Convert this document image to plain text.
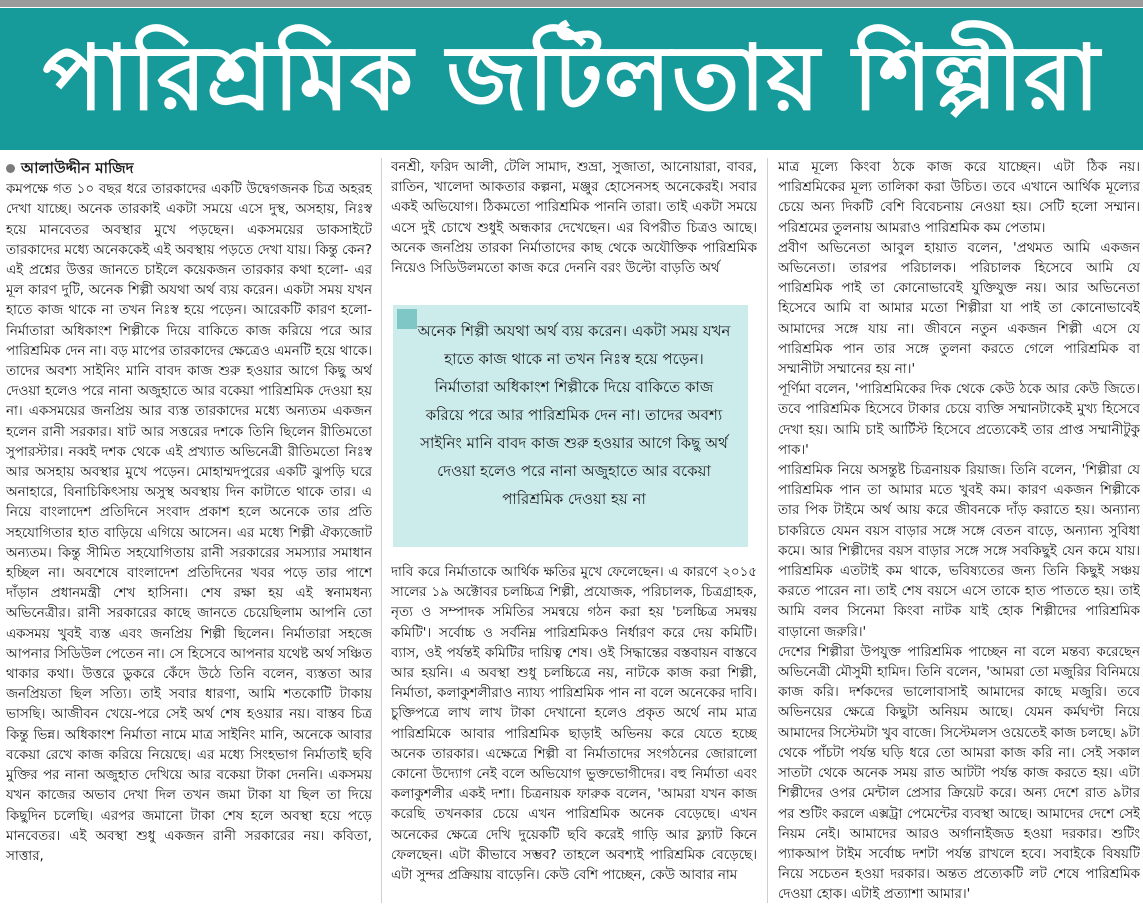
পারিশ্রমিক জটিলতায় শিল্পীরা
আলাউদ্দীন মাজিদ

কমপক্ষে গত ১০ বছর ধরে তারকাদের একটি উদ্বেগজনক চিত্র অহরহ দেখা যাচ্ছে। অনেক তারকাই একটা সময়ে এসে দুস্থ, অসহায়, নিঃস্ব হয়ে মানবেতর অবস্থার মুখে পড়ছেন। একসময়ের ডাকসাইটে তারকাদের মধ্যে অনেককেই এই অবস্থায় পড়তে দেখা যায়। কিন্তু কেন? এই প্রশ্নের উত্তর জানতে চাইলে কয়েকজন তারকার কথা হলো- এর মূল কারণ দুটি, অনেক শিল্পী অযথা অর্থ ব্যয় করেন। একটা সময় যখন হাতে কাজ থাকে না তখন নিঃস্ব হয়ে পড়েন। আরেকটি কারণ হলো- নির্মাতারা অধিকাংশ শিল্পীকে দিয়ে বাকিতে কাজ করিয়ে পরে আর পারিশ্রমিক দেন না। বড় মাপের তারকাদের ক্ষেত্রেও এমনটি হয়ে থাকে। তাদের অবশ্য সাইনিং মানি বাবদ কাজ শুরু হওয়ার আগে কিছু অর্থ দেওয়া হলেও পরে নানা অজুহাতে আর বকেয়া পারিশ্রমিক দেওয়া হয় না। একসময়ের জনপ্রিয় আর ব্যস্ত তারকাদের মধ্যে অন্যতম একজন হলেন রানী সরকার। ষাট আর সত্তরের দশকে তিনি ছিলেন রীতিমতো সুপারস্টার। নব্বই দশক থেকে এই প্রখ্যাত অভিনেত্রী রীতিমতো নিঃস্ব আর অসহায় অবস্থার মুখে পড়েন। মোহাম্মদপুরের একটি ঝুপড়ি ঘরে অনাহারে, বিনাচিকিৎসায় অসুস্থ অবস্থায় দিন কাটাতে থাকে তার। এ নিয়ে বাংলাদেশ প্রতিদিনে সংবাদ প্রকাশ হলে অনেকে তার প্রতি সহযোগিতার হাত বাড়িয়ে এগিয়ে আসেন। এর মধ্যে শিল্পী ঐক্যজোট অন্যতম। কিন্তু সীমিত সহযোগিতায় রানী সরকারের সমস্যার সমাধান হচ্ছিল না। অবশেষে বাংলাদেশ প্রতিদিনের খবর পড়ে তার পাশে দাঁড়ান প্রধানমন্ত্রী শেখ হাসিনা। শেষ রক্ষা হয় এই স্বনামধন্য অভিনেত্রীর। রানী সরকারের কাছে জানতে চেয়েছিলাম আপনি তো একসময় খুবই ব্যস্ত এবং জনপ্রিয় শিল্পী ছিলেন। নির্মাতারা সহজে আপনার সিডিউল পেতেন না। সে হিসেবে আপনার যথেষ্ট অর্থ সঞ্চিত থাকার কথা। উত্তরে ডুকরে কেঁদে উঠে তিনি বলেন, ব্যস্ততা আর জনপ্রিয়তা ছিল সত্যি। তাই সবার ধারণা, আমি শতকোটি টাকায় ভাসছি। আজীবন খেয়ে-পরে সেই অর্থ শেষ হওয়ার নয়। বাস্তব চিত্র কিন্তু ভিন্ন। অধিকাংশ নির্মাতা নামে মাত্র সাইনিং মানি, অনেকে আবার বকেয়া রেখে কাজ করিয়ে নিয়েছে। এর মধ্যে সিংহভাগ নির্মাতাই ছবি মুক্তির পর নানা অজুহাত দেখিয়ে আর বকেয়া টাকা দেননি। একসময় যখন কাজের অভাব দেখা দিল তখন জমা টাকা যা ছিল তা দিয়ে কিছুদিন চলেছি। এরপর জমানো টাকা শেষ হলে অবস্থা হয়ে পড়ে মানবেতর। এই অবস্থা শুধু একজন রানী সরকারের নয়। কবিতা, সাত্তার,

বনশ্রী, ফরিদ আলী, টেলি সামাদ, শুভ্রা, সুজাতা, আনোয়ারা, বাবর, রাতিন, খালেদা আকতার কল্পনা, মঞ্জুর হোসেনসহ অনেকেরই। সবার একই অভিযোগ। ঠিকমতো পারিশ্রমিক পাননি তারা। তাই একটা সময়ে এসে দুই চোখে শুধুই অন্ধকার দেখেছেন। এর বিপরীত চিত্রও আছে। অনেক জনপ্রিয় তারকা নির্মাতাদের কাছ থেকে অযৌক্তিক পারিশ্রমিক নিয়েও সিডিউলমতো কাজ করে দেননি বরং উল্টো বাড়তি অর্থ

অনেক শিল্পী অযথা অর্থ ব্যয় করেন। একটা সময় যখন হাতে কাজ থাকে না তখন নিঃস্ব হয়ে পড়েন। নির্মাতারা অধিকাংশ শিল্পীকে দিয়ে বাকিতে কাজ করিয়ে পরে আর পারিশ্রমিক দেন না। তাদের অবশ্য সাইনিং মানি বাবদ কাজ শুরু হওয়ার আগে কিছু অর্থ দেওয়া হলেও পরে নানা অজুহাতে আর বকেয়া পারিশ্রমিক দেওয়া হয় না

দাবি করে নির্মাতাকে আর্থিক ক্ষতির মুখে ফেলেছেন। এ কারণে ২০১৫ সালের ১৯ অক্টোবর চলচ্চিত্র শিল্পী, প্রযোজক, পরিচালক, চিত্রগ্রাহক, নৃত্য ও সম্পাদক সমিতির সমন্বয়ে গঠন করা হয় 'চলচ্চিত্র সমন্বয় কমিটি'। সর্বোচ্চ ও সর্বনিম্ন পারিশ্রমিকও নির্ধারণ করে দেয় কমিটি। ব্যাস, ওই পর্যন্তই কমিটির দায়িত্ব শেষ। ওই সিদ্ধান্তের বস্তবায়ন বাস্তবে আর হয়নি। এ অবস্থা শুধু চলচ্চিত্রে নয়, নাটকে কাজ করা শিল্পী, নির্মাতা, কলাকুশলীরাও ন্যায্য পারিশ্রমিক পান না বলে অনেকের দাবি। চুক্তিপত্রে লাখ লাখ টাকা দেখানো হলেও প্রকৃত অর্থে নাম মাত্র পারিশ্রমিকে আবার পারিশ্রমিক ছাড়াই অভিনয় করে যেতে হচ্ছে অনেক তারকার। এক্ষেত্রে শিল্পী বা নির্মাতাদের সংগঠনের জোরালো কোনো উদ্যোগ নেই বলে অভিযোগ ভুক্তভোগীদের। বহু নির্মাতা এবং কলাকুশলীর একই দশা। চিত্রনায়ক ফারুক বলেন, 'আমরা যখন কাজ করেছি তখনকার চেয়ে এখন পারিশ্রমিক অনেক বেড়েছে। এখন অনেকের ক্ষেত্রে দেখি দুয়েকটি ছবি করেই গাড়ি আর ফ্ল্যাট কিনে ফেলছেন। এটা কীভাবে সম্ভব? তাহলে অবশ্যই পারিশ্রমিক বেড়েছে। এটা সুন্দর প্রক্রিয়ায় বাড়েনি। কেউ বেশি পাচ্ছেন, কেউ আবার নাম

মাত্র মূল্যে কিংবা ঠকে কাজ করে যাচ্ছেন। এটা ঠিক নয়। পারিশ্রমিকের মূল্য তালিকা করা উচিত। তবে এখানে আর্থিক মূল্যের চেয়ে অন্য দিকটি বেশি বিবেচনায় নেওয়া হয়। সেটি হলো সম্মান। পরিশ্রমের তুলনায় আমরাও পারিশ্রমিক কম পেতাম।

প্রবীণ অভিনেতা আবুল হায়াত বলেন, 'প্রথমত আমি একজন অভিনেতা। তারপর পরিচালক। পরিচালক হিসেবে আমি যে পারিশ্রমিক পাই তা কোনোভাবেই যুক্তিযুক্ত নয়। আর অভিনেতা হিসেবে আমি বা আমার মতো শিল্পীরা যা পাই তা কোনোভাবেই আমাদের সঙ্গে যায় না। জীবনে নতুন একজন শিল্পী এসে যে পারিশ্রমিক পান তার সঙ্গে তুলনা করতে গেলে পারিশ্রমিক বা সম্মানীটা সম্মানের হয় না।'

পূর্ণিমা বলেন, 'পারিশ্রমিকের দিক থেকে কেউ ঠকে আর কেউ জিতে। তবে পারিশ্রমিক হিসেবে টাকার চেয়ে ব্যক্তি সম্মানটাকেই মুখ্য হিসেবে দেখা হয়। আমি চাই আর্টিস্ট হিসেবে প্রত্যেকেই তার প্রাপ্ত সম্মানীটুকু পাক।'

পারিশ্রমিক নিয়ে অসন্তুষ্ট চিত্রনায়ক রিয়াজ। তিনি বলেন, 'শিল্পীরা যে পারিশ্রমিক পান তা আমার মতে খুবই কম। কারণ একজন শিল্পীকে তার পিক টাইমে অর্থ আয় করে জীবনকে দাঁড় করাতে হয়। অন্যান্য চাকরিতে যেমন বয়স বাড়ার সঙ্গে সঙ্গে বেতন বাড়ে, অন্যান্য সুবিধা কমে। আর শিল্পীদের বয়স বাড়ার সঙ্গে সঙ্গে সবকিছুই যেন কমে যায়। পারিশ্রমিক এতটাই কম থাকে, ভবিষ্যতের জন্য তিনি কিছুই সঞ্চয় করতে পারেন না। তাই শেষ বয়সে এসে তাকে হাত পাততে হয়। তাই আমি বলব সিনেমা কিংবা নাটক যাই হোক শিল্পীদের পারিশ্রমিক বাড়ানো জরুরি।'

দেশের শিল্পীরা উপযুক্ত পারিশ্রমিক পাচ্ছেন না বলে মন্তব্য করেছেন অভিনেত্রী মৌসুমী হামিদ। তিনি বলেন, 'আমরা তো মজুরির বিনিময়ে কাজ করি। দর্শকদের ভালোবাসাই আমাদের কাছে মজুরি। তবে অভিনয়ের ক্ষেত্রে কিছুটা অনিয়ম আছে। যেমন কর্মঘণ্টা নিয়ে আমাদের সিস্টেমটা খুব বাজে। সিস্টেমলস ওয়েতেই কাজ চলছে। ৯টা থেকে পাঁচটা পর্যন্ত ঘড়ি ধরে তো আমরা কাজ করি না। সেই সকাল সাতটা থেকে অনেক সময় রাত আটটা পর্যন্ত কাজ করতে হয়। এটা শিল্পীদের ওপর মেন্টাল প্রেসার ক্রিয়েট করে। অন্য দেশে রাত ৯টার পর শুটিং করলে এক্সট্রা পেমেন্টের ব্যবস্থা আছে। আমাদের দেশে সেই নিয়ম নেই। আমাদের আরও অর্গানাইজড হওয়া দরকার। শুটিং প্যাকআপ টাইম সর্বোচ্চ দশটা পর্যন্ত রাখলে হবে। সবাইকে বিষয়টি নিয়ে সচেতন হওয়া দরকার। অন্তত প্রত্যেকটি লট শেষে পারিশ্রমিক দেওয়া হোক। এটাই প্রত্যাশা আমার।'
